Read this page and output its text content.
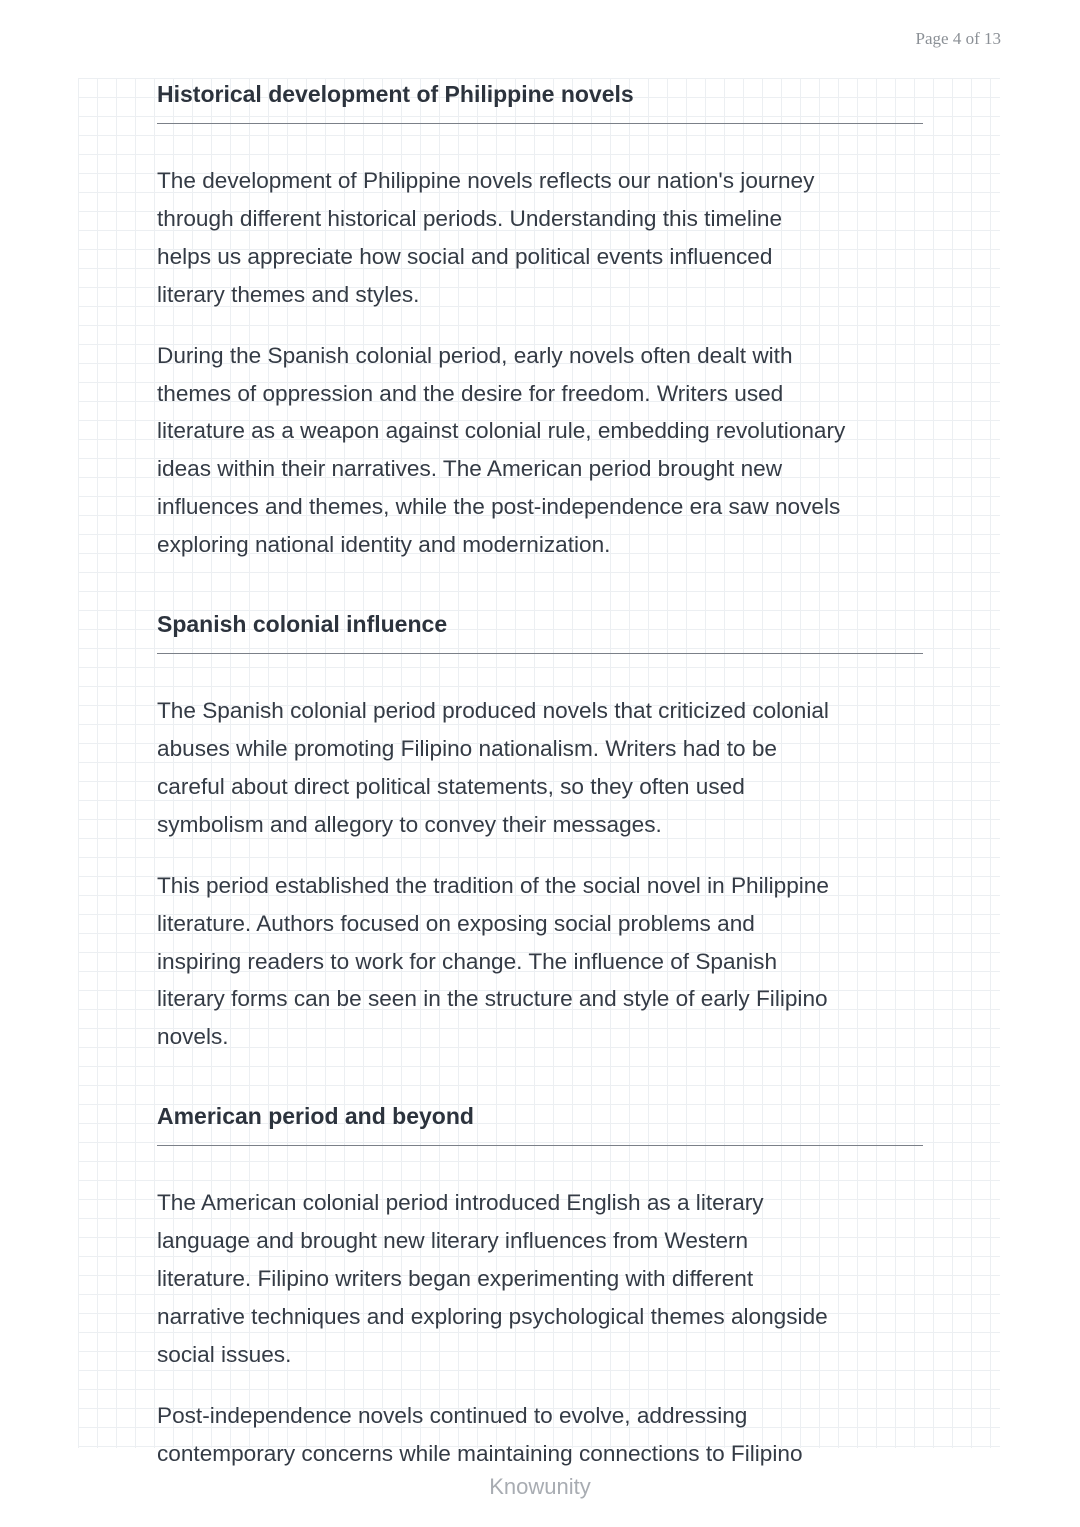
Page 4 of 13
Historical development of Philippine novels

The development of Philippine novels reflects our nation's journey
through different historical periods. Understanding this timeline
helps us appreciate how social and political events influenced
literary themes and styles.

During the Spanish colonial period, early novels often dealt with
themes of oppression and the desire for freedom. Writers used
literature as a weapon against colonial rule, embedding revolutionary
ideas within their narratives. The American period brought new
influences and themes, while the post-independence era saw novels
exploring national identity and modernization.

Spanish colonial influence

The Spanish colonial period produced novels that criticized colonial
abuses while promoting Filipino nationalism. Writers had to be
careful about direct political statements, so they often used
symbolism and allegory to convey their messages.

This period established the tradition of the social novel in Philippine
literature. Authors focused on exposing social problems and
inspiring readers to work for change. The influence of Spanish
literary forms can be seen in the structure and style of early Filipino
novels.

American period and beyond

The American colonial period introduced English as a literary
language and brought new literary influences from Western
literature. Filipino writers began experimenting with different
narrative techniques and exploring psychological themes alongside
social issues.

Post-independence novels continued to evolve, addressing
contemporary concerns while maintaining connections to Filipino

Knowunity
